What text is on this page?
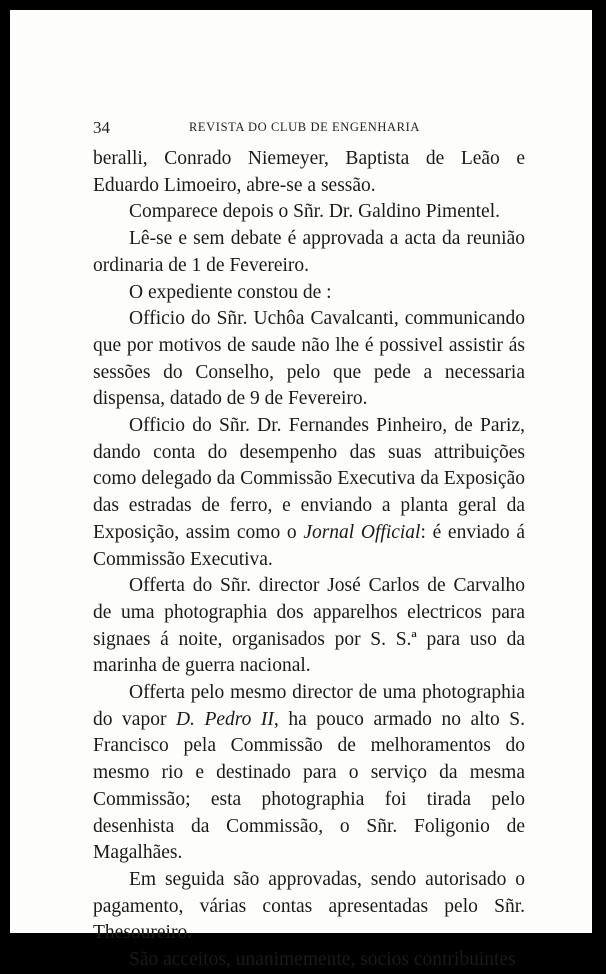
34	REVISTA DO CLUB DE ENGENHARIA

beralli, Conrado Niemeyer, Baptista de Leão e Eduardo Limoeiro, abre-se a sessão.

Comparece depois o Sñr. Dr. Galdino Pimentel.

Lê-se e sem debate é approvada a acta da reunião ordinaria de 1 de Fevereiro.

O expediente constou de :

Officio do Sñr. Uchôa Cavalcanti, communicando que por motivos de saude não lhe é possivel assistir ás sessões do Conselho, pelo que pede a necessaria dispensa, datado de 9 de Fevereiro.

Officio do Sñr. Dr. Fernandes Pinheiro, de Pariz, dando conta do desempenho das suas attribuições como delegado da Commissão Executiva da Exposição das estradas de ferro, e enviando a planta geral da Exposição, assim como o Jornal Official: é enviado á Commissão Executiva.

Offerta do Sñr. director José Carlos de Carvalho de uma photographia dos apparelhos electricos para signaes á noite, organisados por S. S.ª para uso da marinha de guerra nacional.

Offerta pelo mesmo director de uma photographia do vapor D. Pedro II, ha pouco armado no alto S. Francisco pela Commissão de melhoramentos do mesmo rio e destinado para o serviço da mesma Commissão; esta photographia foi tirada pelo desenhista da Commissão, o Sñr. Foligonio de Magalhães.

Em seguida são approvadas, sendo autorisado o pagamento, várias contas apresentadas pelo Sñr. Thesoureiro.

São acceitos, unanimemente, socios contribuintes
